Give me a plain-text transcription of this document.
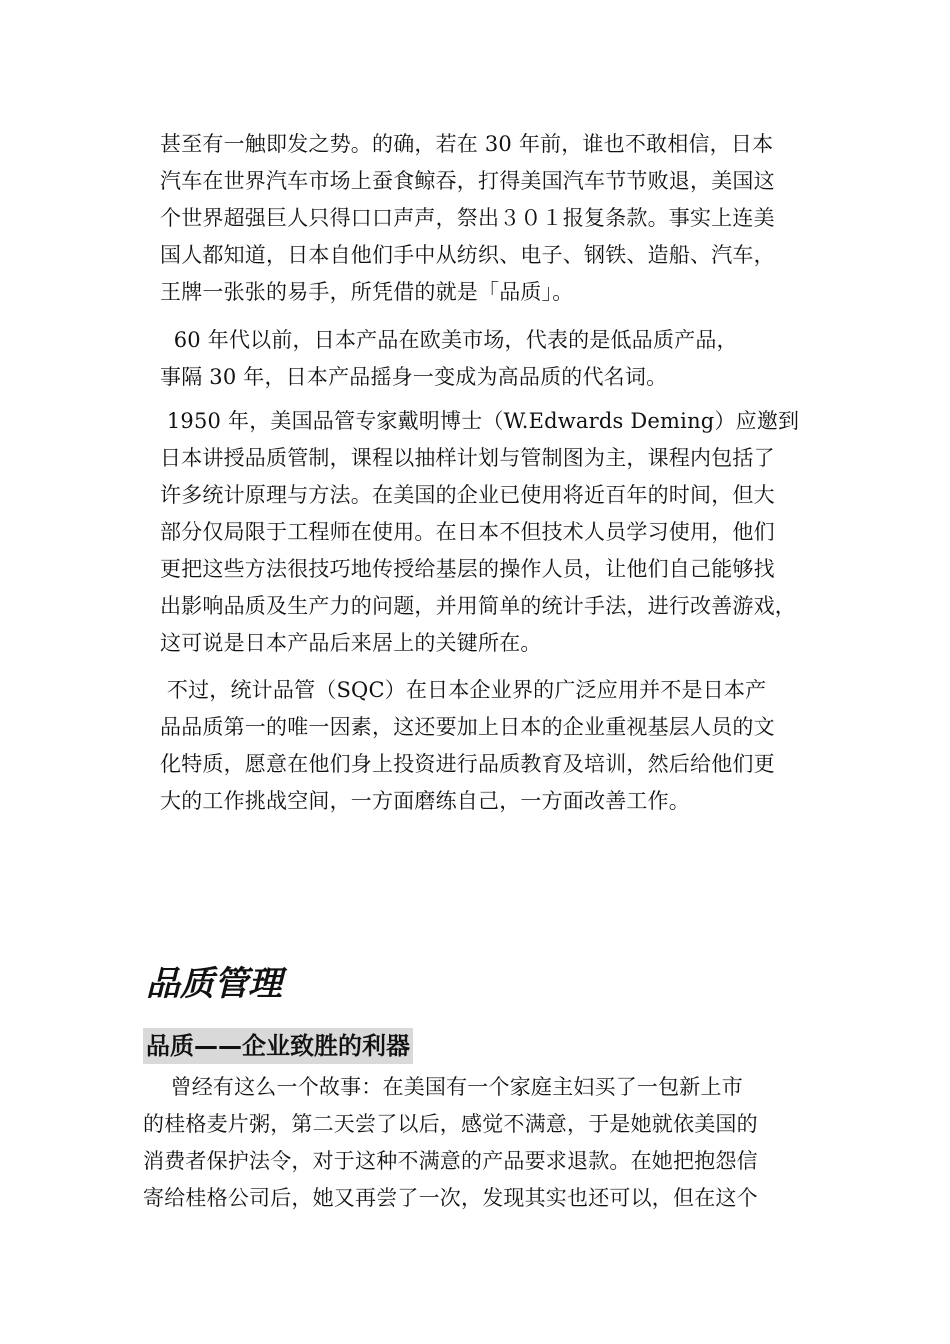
甚至有一触即发之势。的确，若在 30 年前，谁也不敢相信，日本
汽车在世界汽车市场上蚕食鲸吞，打得美国汽车节节败退，美国这
个世界超强巨人只得口口声声，祭出３０１报复条款。事实上连美
国人都知道，日本自他们手中从纺织、电子、钢铁、造船、汽车，
王牌一张张的易手，所凭借的就是「品质」。

60 年代以前，日本产品在欧美市场，代表的是低品质产品，
事隔 30 年，日本产品摇身一变成为高品质的代名词。

1950 年，美国品管专家戴明博士（W.Edwards Deming）应邀到
日本讲授品质管制，课程以抽样计划与管制图为主，课程内包括了
许多统计原理与方法。在美国的企业已使用将近百年的时间，但大
部分仅局限于工程师在使用。在日本不但技术人员学习使用，他们
更把这些方法很技巧地传授给基层的操作人员，让他们自己能够找
出影响品质及生产力的问题，并用简单的统计手法，进行改善游戏，
这可说是日本产品后来居上的关键所在。

不过，统计品管（SQC）在日本企业界的广泛应用并不是日本产
品品质第一的唯一因素，这还要加上日本的企业重视基层人员的文
化特质，愿意在他们身上投资进行品质教育及培训，然后给他们更
大的工作挑战空间，一方面磨练自己，一方面改善工作。

品质管理
品质——企业致胜的利器

曾经有这么一个故事：在美国有一个家庭主妇买了一包新上市
的桂格麦片粥，第二天尝了以后，感觉不满意，于是她就依美国的
消费者保护法令，对于这种不满意的产品要求退款。在她把抱怨信
寄给桂格公司后，她又再尝了一次，发现其实也还可以，但在这个
